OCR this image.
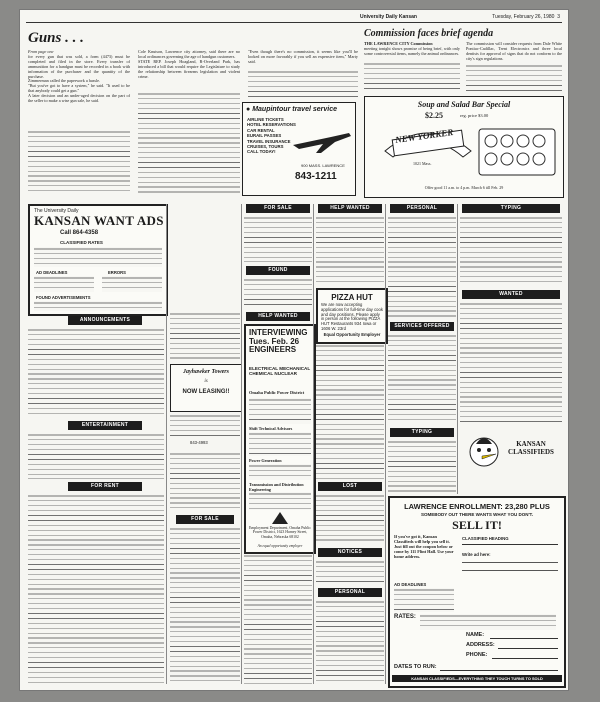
University Daily Kansan	Tuesday, February 26, 1980 3
Guns . . .
From page one
for every gun that was sold, a form (4473) must be completed and filed in the store. Every transfer of ammunition for a handgun must be recorded in a book with information of the purchaser and the quantity of the purchase.
Zimmerman called the paperwork a hassle.
"But you've got to have a system," he said. "It used to be that anybody could get a gun."
A later decision and an under-aged decision on the part of the seller to make a wise gun sale, he said.
Cole Knutson, Lawrence city attorney, said there are no local ordinances governing the age of handgun customers.
STATE REP. Joseph Hoagland, R-Overland Park, has introduced a bill that would require the Legislature to study the relationship between firearms legislation and violent crime.
"Even though there's no commission, it seems like you'll be looked on more favorably if you sell an expensive item," Marty said.
● Maupintour travel service
AIRLINE TICKETS
HOTEL RESERVATIONS
CAR RENTAL
EURAIL PASSES
TRAVEL INSURANCE
CRUISES, TOURS
CALL TODAY!
900 MASS. LAWRENCE
843-1211
Commission faces brief agenda
THE LAWRENCE CITY Commission
meeting tonight shows promise of being brief, with only some controversial items, namely the animal ordinances.
The commission will consider requests from Dale White Pontiac-Cadillac, Trent Electronics and three local dentists for approval of signs that do not conform to the city's sign regulations.
Soup and Salad Bar Special
$2.25	reg. price $3.00
NEW YORKER
1021 Mass.
Offer good 11 a.m. to 4 p.m. March 6 till Feb. 29
The University Daily
KANSAN WANT ADS
Call 864-4358
CLASSIFIED RATES
AD DEADLINES	ERRORS
FOUND ADVERTISEMENTS
ANNOUNCEMENTS
ENTERTAINMENT
FOR RENT
Jayhawker Towers
is
NOW LEASING!!
843-4993
FOR SALE
FOR SALE
FOUND
HELP WANTED
INTERVIEWING Tues. Feb. 26 ENGINEERS
ELECTRICAL MECHANICAL CHEMICAL NUCLEAR
Omaha Public Power District
Shift Technical Advisors
Power Generation
Transmission and Distribution Engineering
Employment Department, Omaha Public Power District, 1623 Harney Street, Omaha, Nebraska 68102
An equal opportunity employer
HELP WANTED
PIZZA HUT
We are now accepting applications for full-time day cook and day positions. Please apply in person at the following PIZZA HUT Restaurants 934 Iowa or 1606 W. 23rd
Equal Opportunity Employer
LOST
NOTICES
PERSONAL
PERSONAL
SERVICES OFFERED
TYPING
TYPING
WANTED
KANSAN CLASSIFIEDS
LAWRENCE ENROLLMENT: 23,280 PLUS
SOMEBODY OUT THERE WANTS WHAT YOU DON'T.
SELL IT!
If you've got it, Kansan Classifieds will help you sell it. Just fill out the coupon below or come by 111 Flint Hall. Use your home address.
CLASSIFIED HEADING
Write ad here:
AD DEADLINES
RATES:
NAME:
ADDRESS:
PHONE:
DATES TO RUN:
KANSAN CLASSIFIEDS—EVERYTHING THEY TOUCH TURNS TO SOLD
